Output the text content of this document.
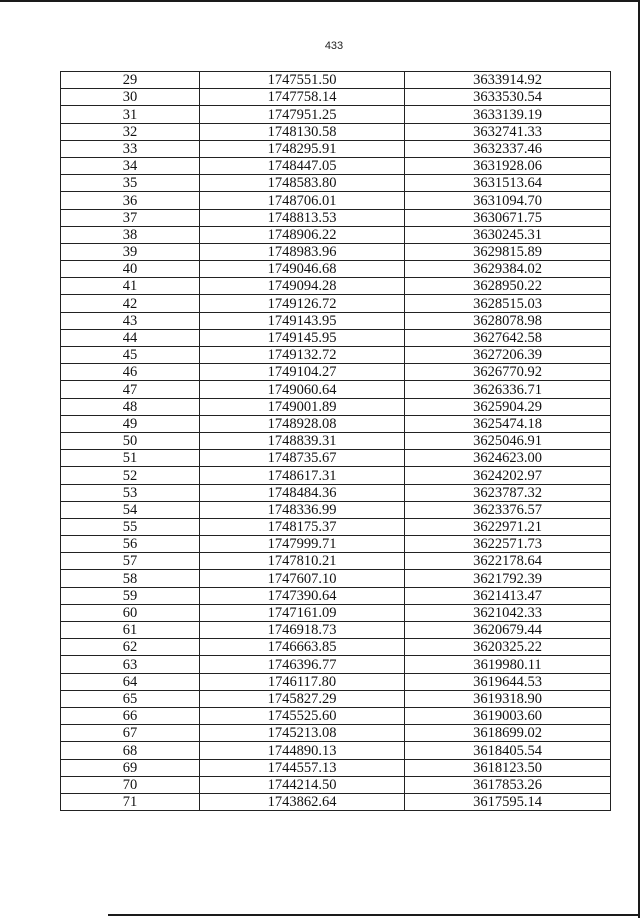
433
29	1747551.50	3633914.92
30	1747758.14	3633530.54
31	1747951.25	3633139.19
32	1748130.58	3632741.33
33	1748295.91	3632337.46
34	1748447.05	3631928.06
35	1748583.80	3631513.64
36	1748706.01	3631094.70
37	1748813.53	3630671.75
38	1748906.22	3630245.31
39	1748983.96	3629815.89
40	1749046.68	3629384.02
41	1749094.28	3628950.22
42	1749126.72	3628515.03
43	1749143.95	3628078.98
44	1749145.95	3627642.58
45	1749132.72	3627206.39
46	1749104.27	3626770.92
47	1749060.64	3626336.71
48	1749001.89	3625904.29
49	1748928.08	3625474.18
50	1748839.31	3625046.91
51	1748735.67	3624623.00
52	1748617.31	3624202.97
53	1748484.36	3623787.32
54	1748336.99	3623376.57
55	1748175.37	3622971.21
56	1747999.71	3622571.73
57	1747810.21	3622178.64
58	1747607.10	3621792.39
59	1747390.64	3621413.47
60	1747161.09	3621042.33
61	1746918.73	3620679.44
62	1746663.85	3620325.22
63	1746396.77	3619980.11
64	1746117.80	3619644.53
65	1745827.29	3619318.90
66	1745525.60	3619003.60
67	1745213.08	3618699.02
68	1744890.13	3618405.54
69	1744557.13	3618123.50
70	1744214.50	3617853.26
71	1743862.64	3617595.14
